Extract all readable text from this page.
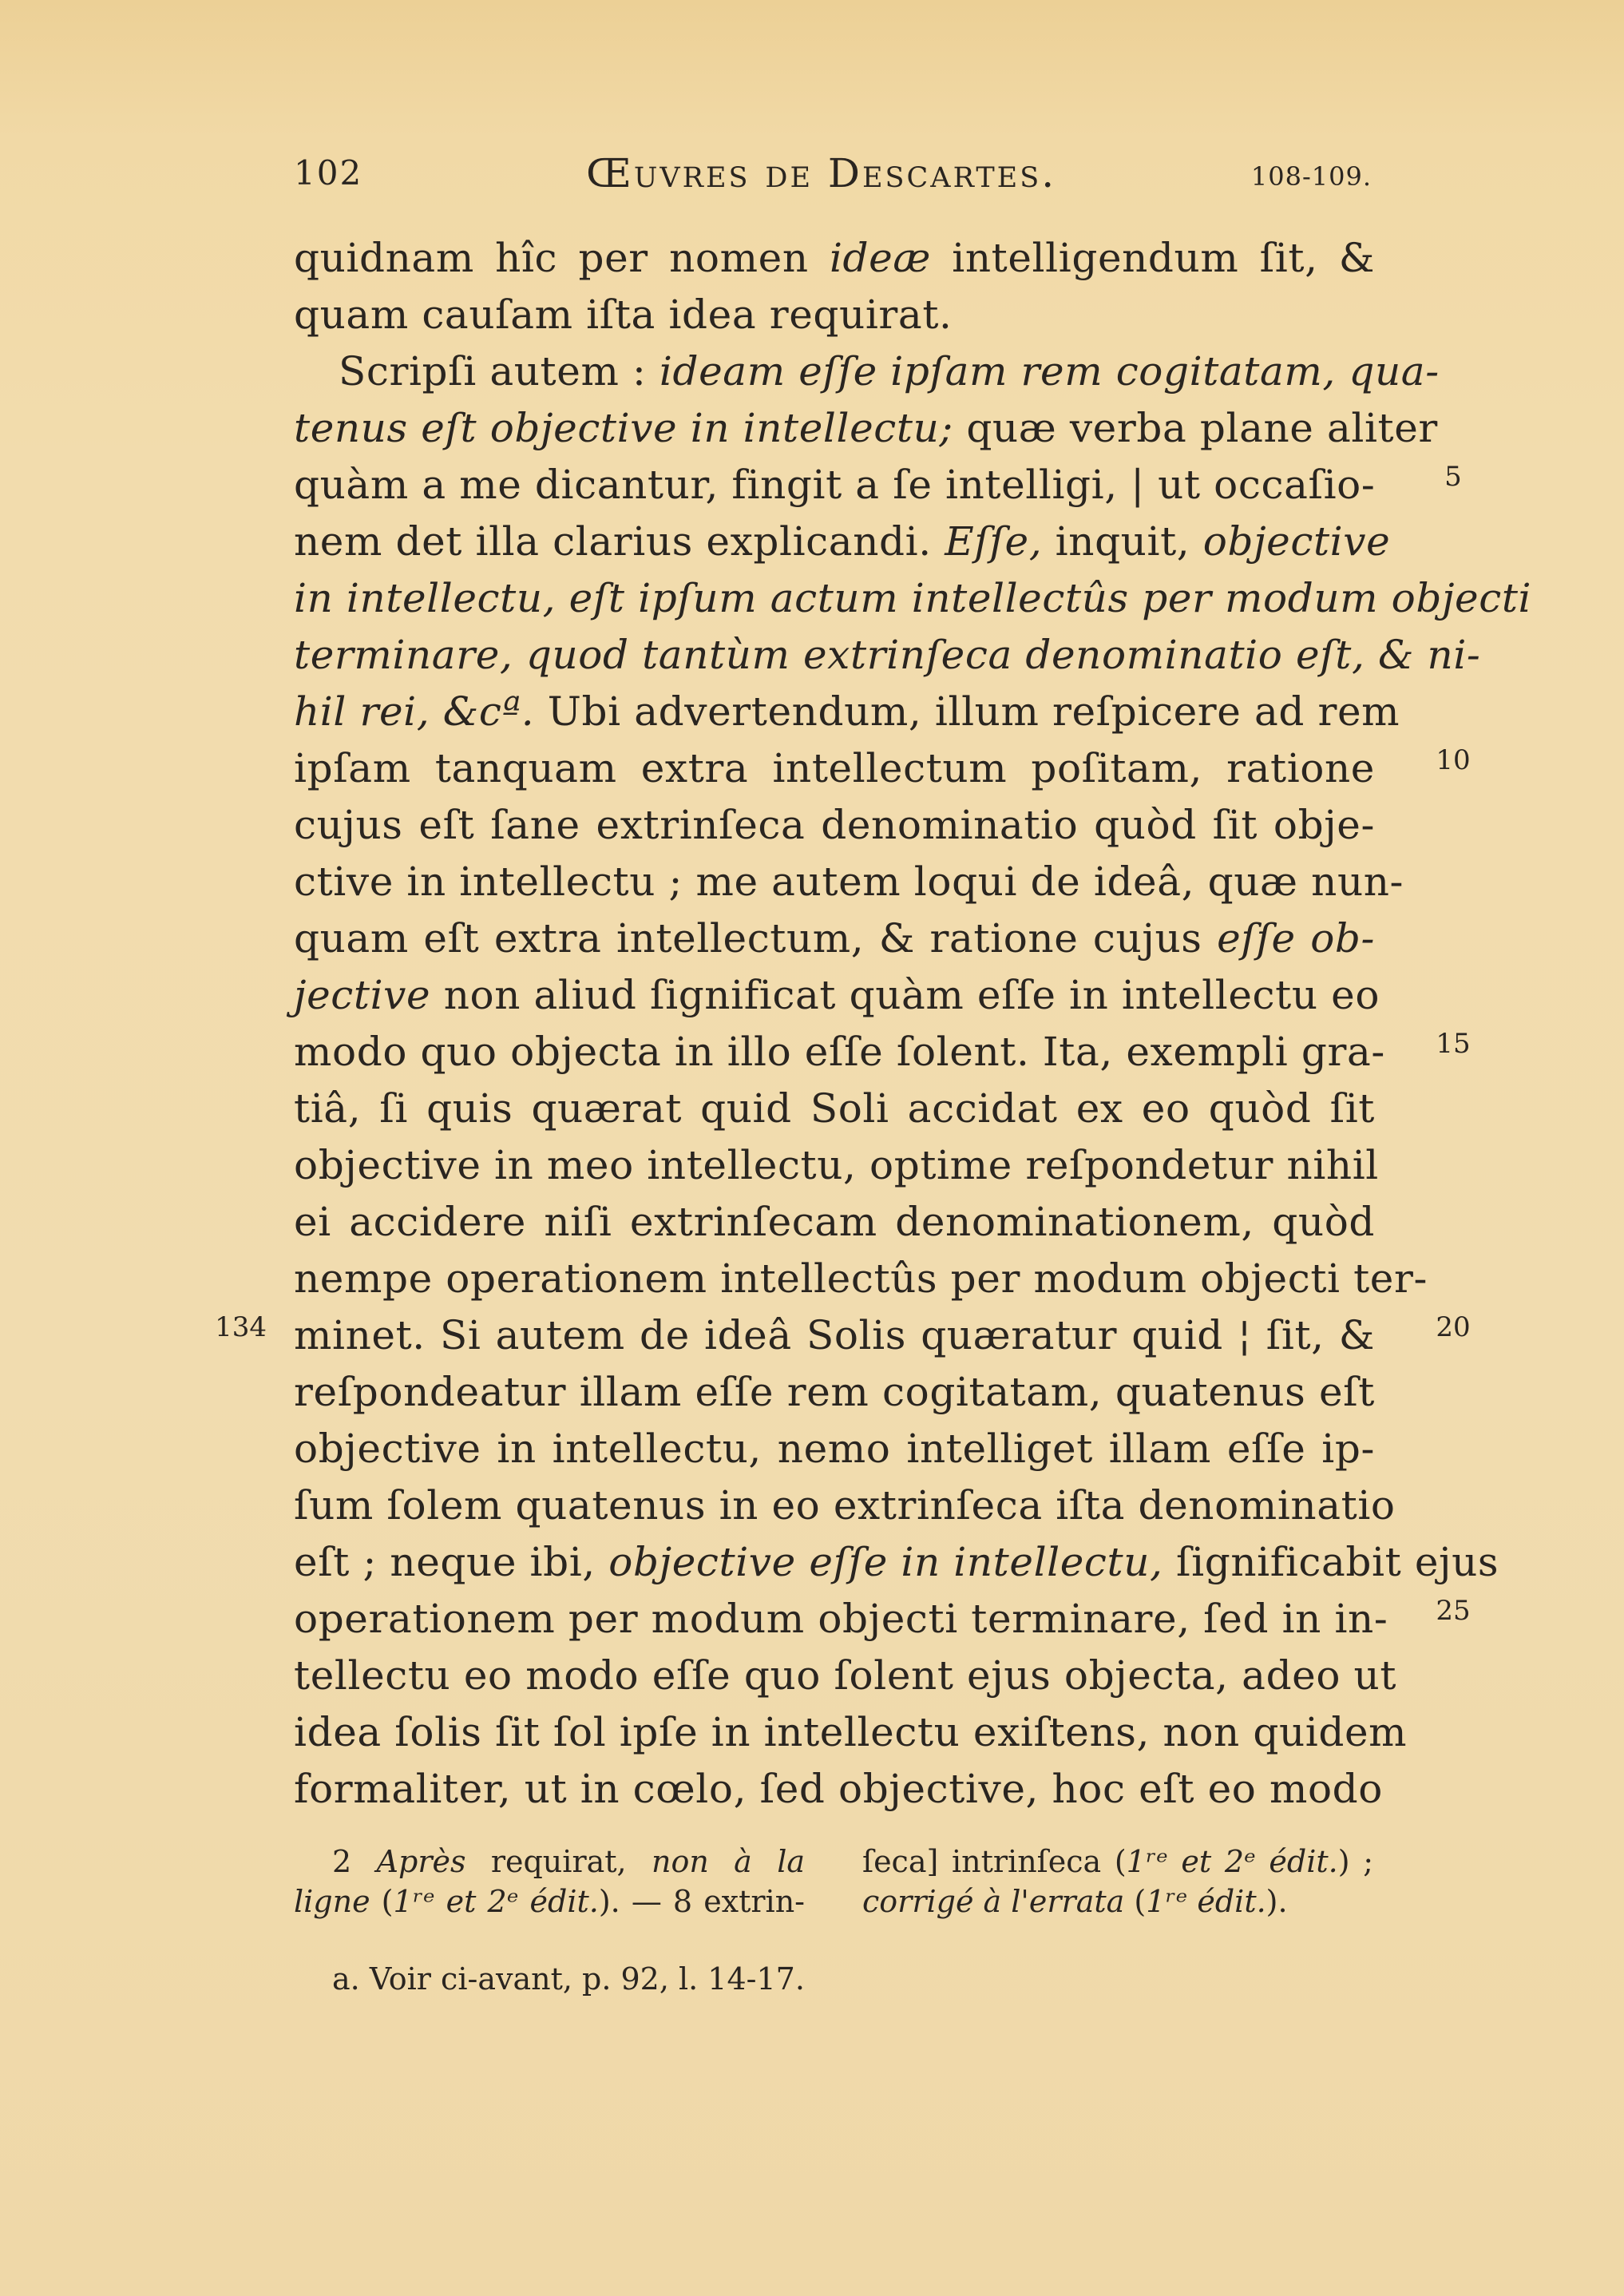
102	Œuvres de Descartes.	108-109.
quidnam hîc per nomen ideæ intelligendum ſit, &
quam cauſam iſta idea requirat.
Scripſi autem : ideam eſſe ipſam rem cogitatam, qua-
tenus eſt objective in intellectu; quæ verba plane aliter
quàm a me dicantur, fingit a ſe intelligi, | ut occaſio-
nem det illa clarius explicandi. Eſſe, inquit, objective
in intellectu, eſt ipſum actum intellectûs per modum objecti
terminare, quod tantùm extrinſeca denominatio eſt, & ni-
hil rei, &cª. Ubi advertendum, illum reſpicere ad rem
ipſam tanquam extra intellectum poſitam, ratione
cujus eſt ſane extrinſeca denominatio quòd ſit obje-
ctive in intellectu ; me autem loqui de ideâ, quæ nun-
quam eſt extra intellectum, & ratione cujus eſſe ob-
jective non aliud ſignificat quàm eſſe in intellectu eo
modo quo objecta in illo eſſe ſolent. Ita, exempli gra-
tiâ, ſi quis quærat quid Soli accidat ex eo quòd ſit
objective in meo intellectu, optime reſpondetur nihil
ei accidere niſi extrinſecam denominationem, quòd
nempe operationem intellectûs per modum objecti ter-
minet. Si autem de ideâ Solis quæratur quid ¦ ſit, &
reſpondeatur illam eſſe rem cogitatam, quatenus eſt
objective in intellectu, nemo intelliget illam eſſe ip-
ſum ſolem quatenus in eo extrinſeca iſta denominatio
eſt ; neque ibi, objective eſſe in intellectu, ſignificabit ejus
operationem per modum objecti terminare, ſed in in-
tellectu eo modo eſſe quo ſolent ejus objecta, adeo ut
idea ſolis ſit ſol ipſe in intellectu exiſtens, non quidem
formaliter, ut in cœlo, ſed objective, hoc eſt eo modo
5
10
15
20
25
134
2 Après requirat, non à la
ligne (1ʳᵉ et 2ᵉ édit.). — 8 extrin-
ſeca] intrinſeca (1ʳᵉ et 2ᵉ édit.) ;
corrigé à l'errata (1ʳᵉ édit.).
a. Voir ci-avant, p. 92, l. 14-17.
